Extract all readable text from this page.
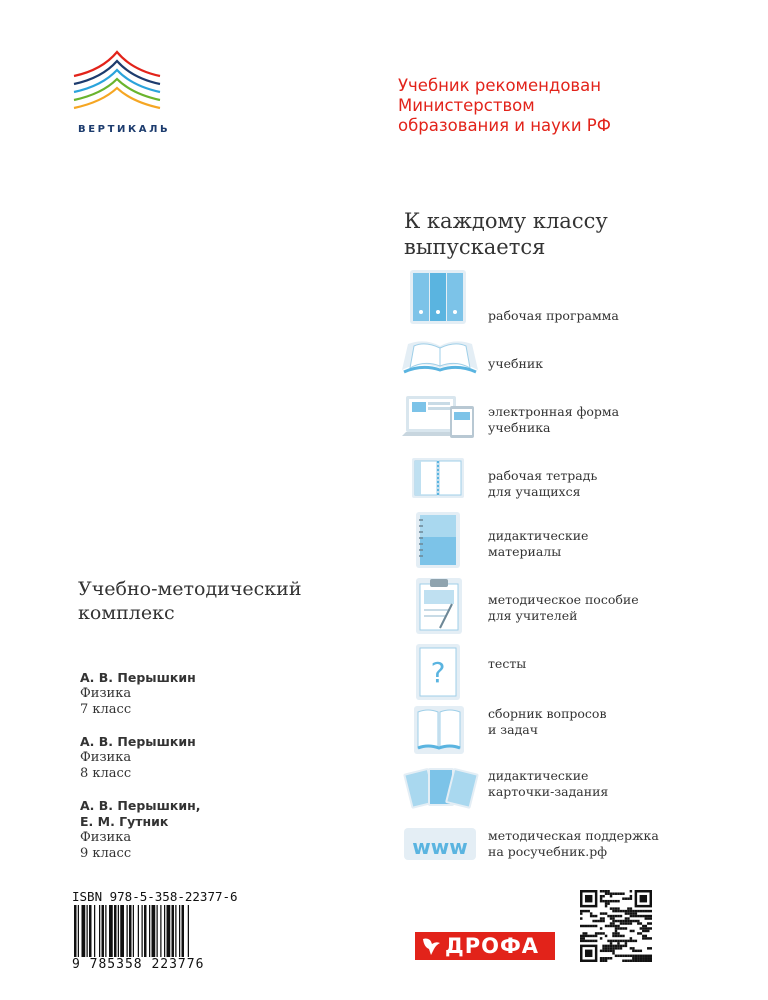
ВЕРТИКАЛЬ
Учебник рекомендован
Министерством
образования и науки РФ
К каждому классу
выпускается
рабочая программа
учебник
электронная форма
учебника
рабочая тетрадь
для учащихся
дидактические
материалы
методическое пособие
для учителей
?	тесты
сборник вопросов
и задач
дидактические
карточки-задания
www методическая поддержка
на росучебник.рф
Учебно-методический
комплекс
А. В. Перышкин
Физика
7 класс
А. В. Перышкин
Физика
8 класс
А. В. Перышкин,
Е. М. Гутник
Физика
9 класс
ISBN 978-5-358-22377-6
9 785358 223776
ДРОФА
